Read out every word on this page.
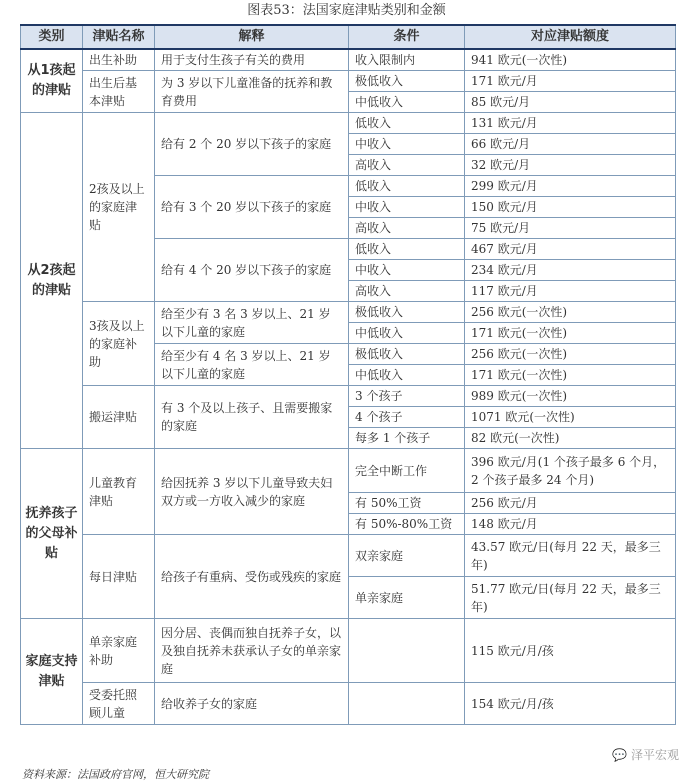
图表53：法国家庭津贴类别和金额
类别	津贴名称	解释	条件	对应津贴额度
从1孩起的津贴	出生补助	用于支付生孩子有关的费用	收入限制内	941 欧元(一次性)
	出生后基本津贴	为 3 岁以下儿童准备的抚养和教育费用	极低收入	171 欧元/月
			中低收入	85 欧元/月
从2孩起的津贴	2孩及以上的家庭津贴	给有 2 个 20 岁以下孩子的家庭	低收入	131 欧元/月
			中收入	66 欧元/月
			高收入	32 欧元/月
		给有 3 个 20 岁以下孩子的家庭	低收入	299 欧元/月
			中收入	150 欧元/月
			高收入	75 欧元/月
		给有 4 个 20 岁以下孩子的家庭	低收入	467 欧元/月
			中收入	234 欧元/月
			高收入	117 欧元/月
	3孩及以上的家庭补助	给至少有 3 名 3 岁以上、21 岁以下儿童的家庭	极低收入	256 欧元(一次性)
			中低收入	171 欧元(一次性)
		给至少有 4 名 3 岁以上、21 岁以下儿童的家庭	极低收入	256 欧元(一次性)
			中低收入	171 欧元(一次性)
	搬运津贴	有 3 个及以上孩子、且需要搬家的家庭	3 个孩子	989 欧元(一次性)
			4 个孩子	1071 欧元(一次性)
			每多 1 个孩子	82 欧元(一次性)
抚养孩子的父母补贴	儿童教育津贴	给因抚养 3 岁以下儿童导致夫妇双方或一方收入减少的家庭	完全中断工作	396 欧元/月(1 个孩子最多 6 个月，2 个孩子最多 24 个月)
			有 50%工资	256 欧元/月
			有 50%-80%工资	148 欧元/月
	每日津贴	给孩子有重病、受伤或残疾的家庭	双亲家庭	43.57 欧元/日(每月 22 天，最多三年)
			单亲家庭	51.77 欧元/日(每月 22 天，最多三年)
家庭支持津贴	单亲家庭补助	因分居、丧偶而独自抚养子女，以及独自抚养未获承认子女的单亲家庭		115 欧元/月/孩
	受委托照顾儿童	给收养子女的家庭		154 欧元/月/孩
💬 泽平宏观
资料来源：法国政府官网，恒大研究院
